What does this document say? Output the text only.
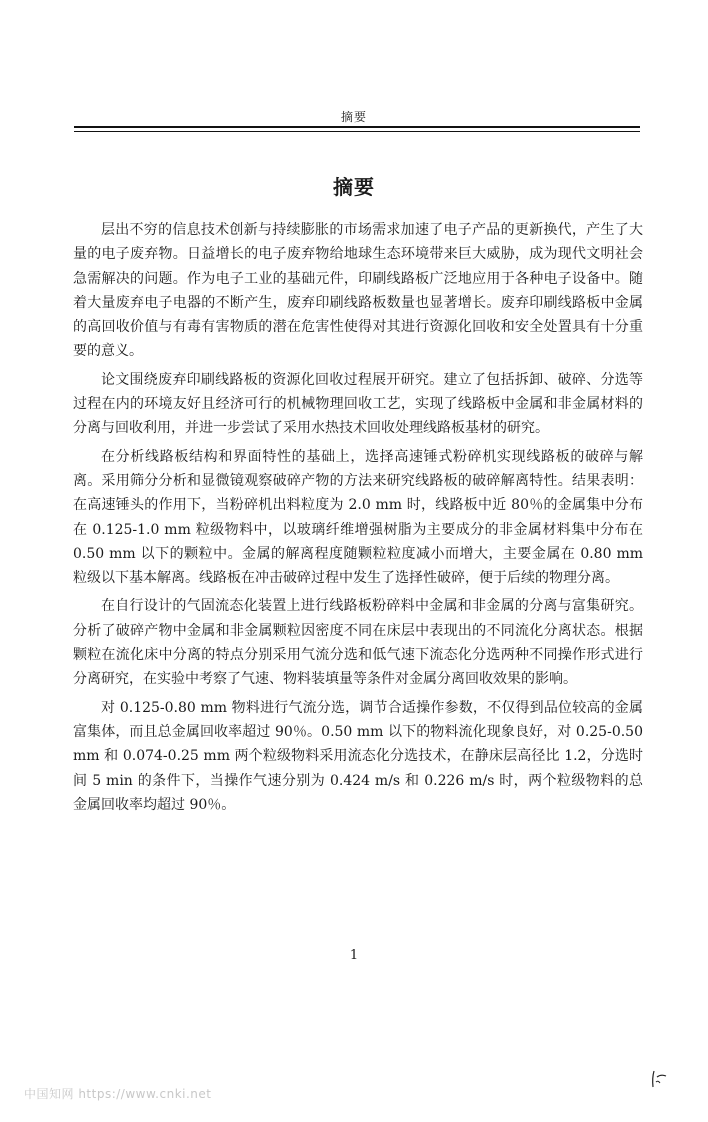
摘要
摘要

层出不穷的信息技术创新与持续膨胀的市场需求加速了电子产品的更新换代，产生了大量的电子废弃物。日益增长的电子废弃物给地球生态环境带来巨大威胁，成为现代文明社会急需解决的问题。作为电子工业的基础元件，印刷线路板广泛地应用于各种电子设备中。随着大量废弃电子电器的不断产生，废弃印刷线路板数量也显著增长。废弃印刷线路板中金属的高回收价值与有毒有害物质的潜在危害性使得对其进行资源化回收和安全处置具有十分重要的意义。

论文围绕废弃印刷线路板的资源化回收过程展开研究。建立了包括拆卸、破碎、分选等过程在内的环境友好且经济可行的机械物理回收工艺，实现了线路板中金属和非金属材料的分离与回收利用，并进一步尝试了采用水热技术回收处理线路板基材的研究。

在分析线路板结构和界面特性的基础上，选择高速锤式粉碎机实现线路板的破碎与解离。采用筛分分析和显微镜观察破碎产物的方法来研究线路板的破碎解离特性。结果表明：在高速锤头的作用下，当粉碎机出料粒度为 2.0 mm 时，线路板中近 80％的金属集中分布在 0.125-1.0 mm 粒级物料中，以玻璃纤维增强树脂为主要成分的非金属材料集中分布在 0.50 mm 以下的颗粒中。金属的解离程度随颗粒粒度减小而增大，主要金属在 0.80 mm 粒级以下基本解离。线路板在冲击破碎过程中发生了选择性破碎，便于后续的物理分离。

在自行设计的气固流态化装置上进行线路板粉碎料中金属和非金属的分离与富集研究。分析了破碎产物中金属和非金属颗粒因密度不同在床层中表现出的不同流化分离状态。根据颗粒在流化床中分离的特点分别采用气流分选和低气速下流态化分选两种不同操作形式进行分离研究，在实验中考察了气速、物料装填量等条件对金属分离回收效果的影响。

对 0.125-0.80 mm 物料进行气流分选，调节合适操作参数，不仅得到品位较高的金属富集体，而且总金属回收率超过 90％。0.50 mm 以下的物料流化现象良好，对 0.25-0.50 mm 和 0.074-0.25 mm 两个粒级物料采用流态化分选技术，在静床层高径比 1.2，分选时间 5 min 的条件下，当操作气速分别为 0.424 m/s 和 0.226 m/s 时，两个粒级物料的总金属回收率均超过 90％。

1
中国知网 https://www.cnki.net
